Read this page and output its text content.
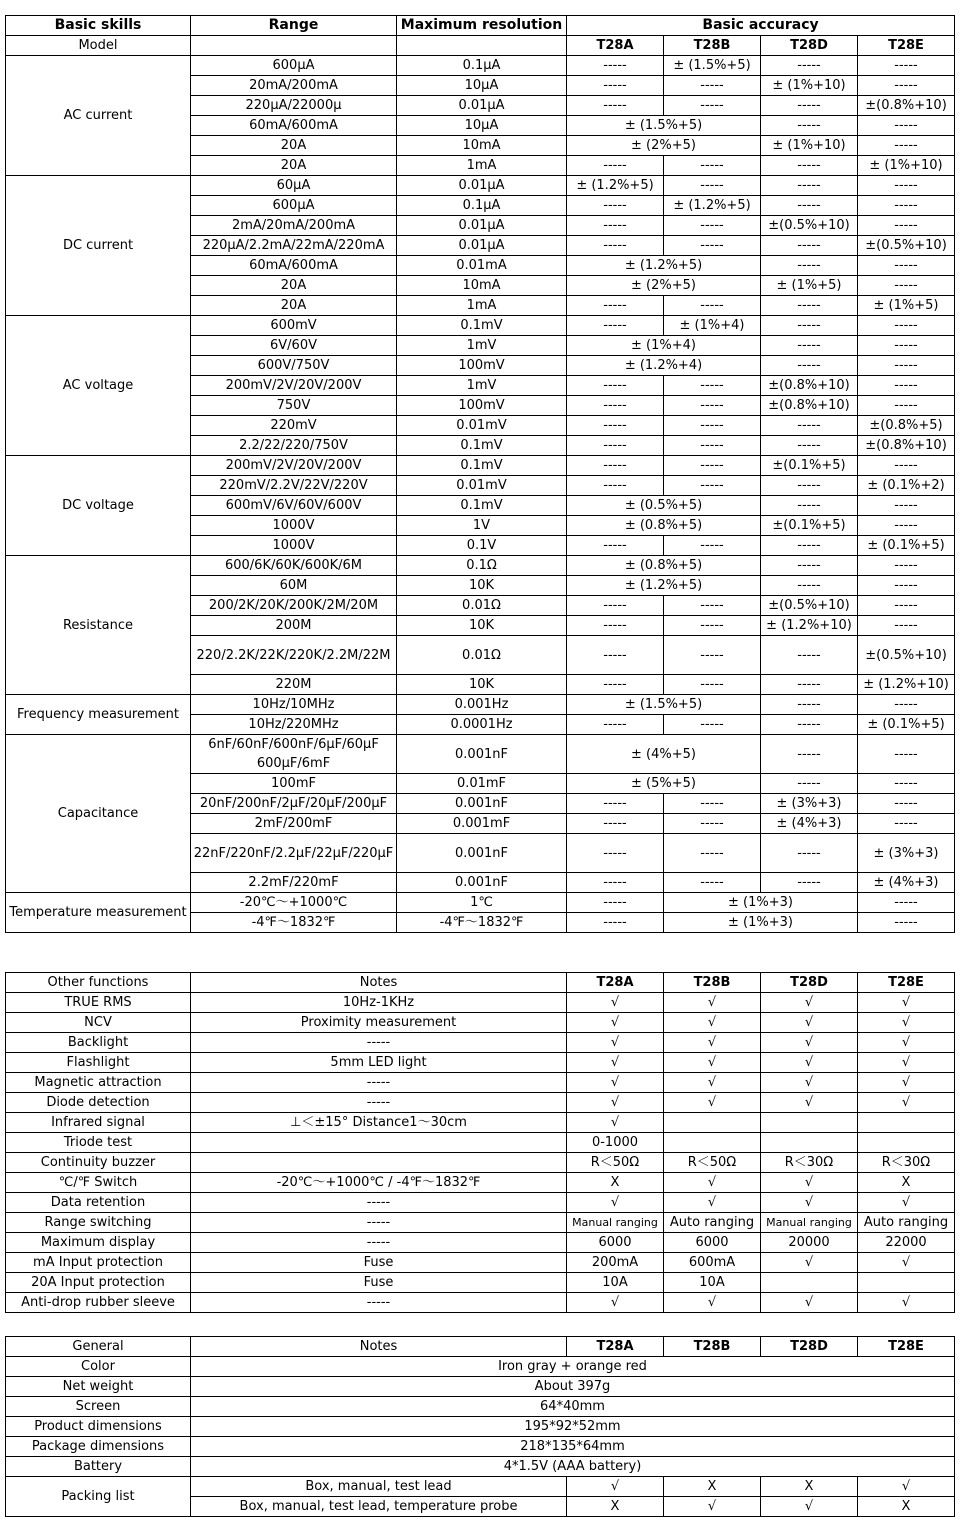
Basic skills	Range	Maximum resolution	Basic accuracy			
Model			T28A	T28B	T28D	T28E
AC current	600μA	0.1μA	-----	± (1.5%+5)	-----	-----
	20mA/200mA	10μA	-----	-----	± (1%+10)	-----
	220μA/22000μ	0.01μA	-----	-----	-----	±(0.8%+10)
	60mA/600mA	10μA	± (1.5%+5)		-----	-----
	20A	10mA	± (2%+5)		± (1%+10)	-----
	20A	1mA	-----	-----	-----	± (1%+10)
DC current	60μA	0.01μA	± (1.2%+5)	-----	-----	-----
	600μA	0.1μA	-----	± (1.2%+5)	-----	-----
	2mA/20mA/200mA	0.01μA	-----	-----	±(0.5%+10)	-----
	220μA/2.2mA/22mA/220mA	0.01μA	-----	-----	-----	±(0.5%+10)
	60mA/600mA	0.01mA	± (1.2%+5)		-----	-----
	20A	10mA	± (2%+5)		± (1%+5)	-----
	20A	1mA	-----	-----	-----	± (1%+5)
AC voltage	600mV	0.1mV	-----	± (1%+4)	-----	-----
	6V/60V	1mV	± (1%+4)		-----	-----
	600V/750V	100mV	± (1.2%+4)		-----	-----
	200mV/2V/20V/200V	1mV	-----	-----	±(0.8%+10)	-----
	750V	100mV	-----	-----	±(0.8%+10)	-----
	220mV	0.01mV	-----	-----	-----	±(0.8%+5)
	2.2/22/220/750V	0.1mV	-----	-----	-----	±(0.8%+10)
DC voltage	200mV/2V/20V/200V	0.1mV	-----	-----	±(0.1%+5)	-----
	220mV/2.2V/22V/220V	0.01mV	-----	-----	-----	± (0.1%+2)
	600mV/6V/60V/600V	0.1mV	± (0.5%+5)		-----	-----
	1000V	1V	± (0.8%+5)		±(0.1%+5)	-----
	1000V	0.1V	-----	-----	-----	± (0.1%+5)
Resistance	600/6K/60K/600K/6M	0.1Ω	± (0.8%+5)		-----	-----
	60M	10K	± (1.2%+5)		-----	-----
	200/2K/20K/200K/2M/20M	0.01Ω	-----	-----	±(0.5%+10)	-----
	200M	10K	-----	-----	± (1.2%+10)	-----
	220/2.2K/22K/220K/2.2M/22M	0.01Ω	-----	-----	-----	±(0.5%+10)
	220M	10K	-----	-----	-----	± (1.2%+10)
Frequency measurement	10Hz/10MHz	0.001Hz	± (1.5%+5)		-----	-----
	10Hz/220MHz	0.0001Hz	-----	-----	-----	± (0.1%+5)
Capacitance	6nF/60nF/600nF/6μF/60μF 600μF/6mF	0.001nF	± (4%+5)		-----	-----
	100mF	0.01mF	± (5%+5)		-----	-----
	20nF/200nF/2μF/20μF/200μF	0.001nF	-----	-----	± (3%+3)	-----
	2mF/200mF	0.001mF	-----	-----	± (4%+3)	-----
	22nF/220nF/2.2μF/22μF/220μF	0.001nF	-----	-----	-----	± (3%+3)
	2.2mF/220mF	0.001nF	-----	-----	-----	± (4%+3)
Temperature measurement	-20℃～+1000℃	1℃	-----	± (1%+3)		-----
	-4℉～1832℉	-4℉～1832℉	-----	± (1%+3)		-----
Other functions	Notes	T28A	T28B	T28D	T28E
TRUE RMS	10Hz-1KHz	√	√	√	√
NCV	Proximity measurement	√	√	√	√
Backlight	-----	√	√	√	√
Flashlight	5mm LED light	√	√	√	√
Magnetic attraction	-----	√	√	√	√
Diode detection	-----	√	√	√	√
Infrared signal	⊥＜±15° Distance1～30cm	√			
Triode test		0-1000			
Continuity buzzer		R＜50Ω	R＜50Ω	R＜30Ω	R＜30Ω
℃/℉ Switch	-20℃～+1000℃ / -4℉～1832℉	X	√	√	X
Data retention	-----	√	√	√	√
Range switching	-----	Manual ranging	Auto ranging	Manual ranging	Auto ranging
Maximum display	-----	6000	6000	20000	22000
mA Input protection	Fuse	200mA	600mA	√	√
20A Input protection	Fuse	10A	10A		
Anti-drop rubber sleeve	-----	√	√	√	√
General	Notes	T28A	T28B	T28D	T28E
Color	Iron gray + orange red				
Net weight	About 397g				
Screen	64*40mm				
Product dimensions	195*92*52mm				
Package dimensions	218*135*64mm				
Battery	4*1.5V (AAA battery)				
Packing list	Box, manual, test lead	√	X	X	√
	Box, manual, test lead, temperature probe	X	√	√	X
